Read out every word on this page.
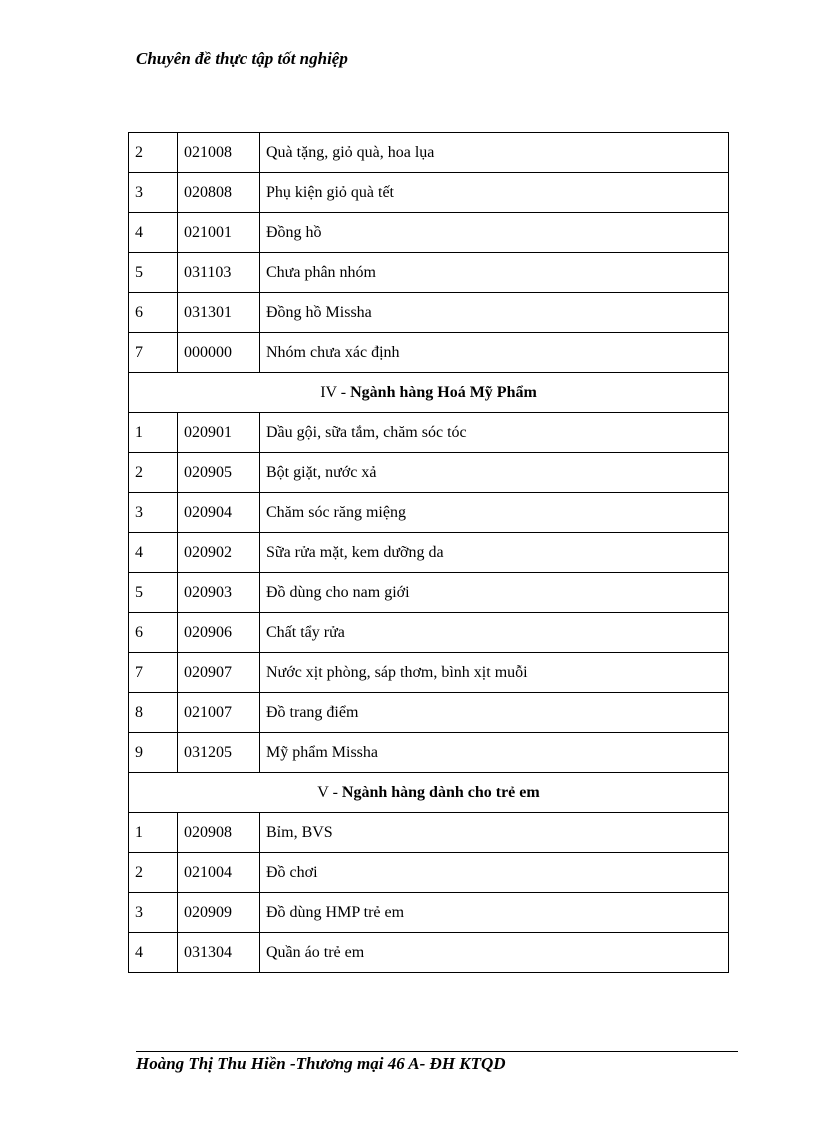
Chuyên đề thực tập tốt nghiệp
2	021008	Quà tặng, giỏ quà, hoa lụa
3	020808	Phụ kiện giỏ quà tết
4	021001	Đồng hồ
5	031103	Chưa phân nhóm
6	031301	Đồng hồ Missha
7	000000	Nhóm chưa xác định
IV - Ngành hàng Hoá Mỹ Phẩm		
1	020901	Dầu gội, sữa tắm, chăm sóc tóc
2	020905	Bột giặt, nước xả
3	020904	Chăm sóc răng miệng
4	020902	Sữa rửa mặt, kem dưỡng da
5	020903	Đồ dùng cho nam giới
6	020906	Chất tẩy rửa
7	020907	Nước xịt phòng, sáp thơm, bình xịt muỗi
8	021007	Đồ trang điểm
9	031205	Mỹ phẩm Missha
V - Ngành hàng dành cho trẻ em		
1	020908	Bỉm, BVS
2	021004	Đồ chơi
3	020909	Đồ dùng HMP trẻ em
4	031304	Quần áo trẻ em
Hoàng Thị Thu Hiền -Thương mại 46 A- ĐH KTQD
